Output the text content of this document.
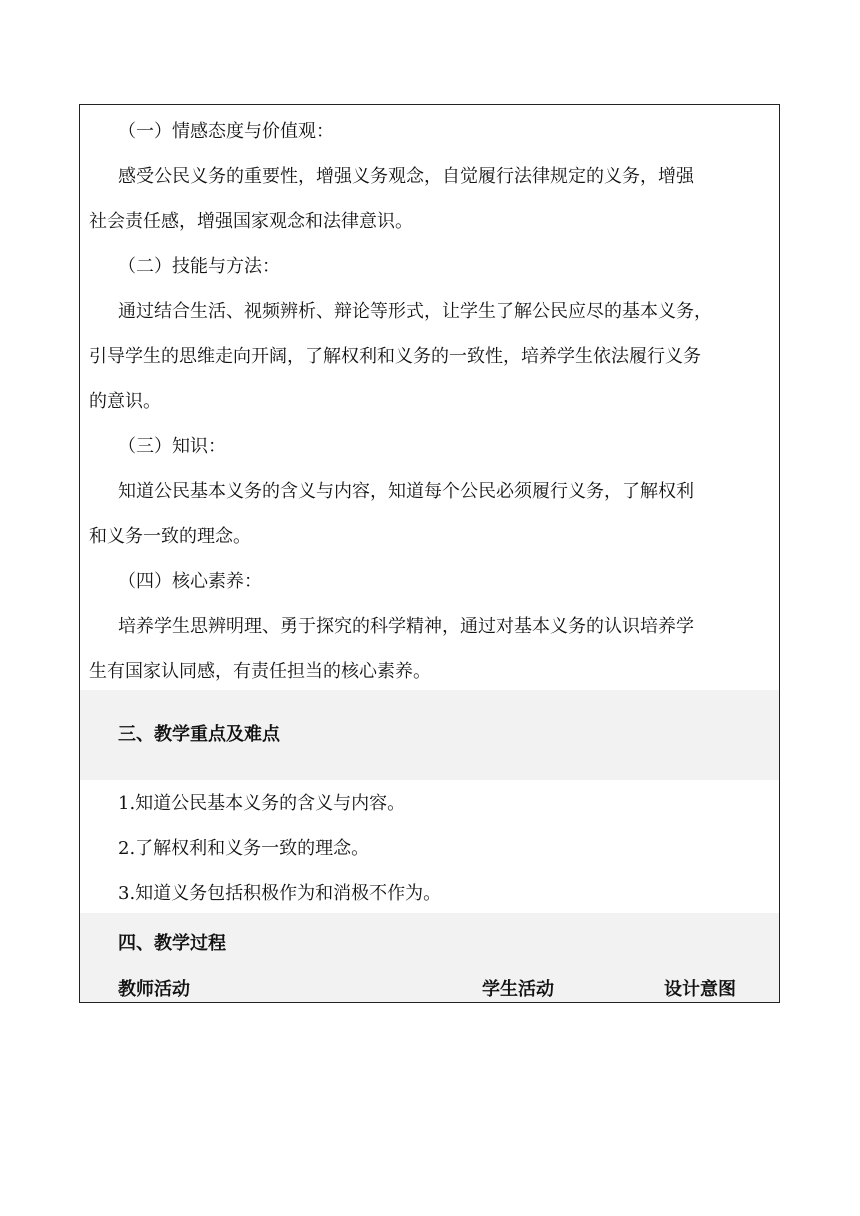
（一）情感态度与价值观：
感受公民义务的重要性，增强义务观念，自觉履行法律规定的义务，增强
社会责任感，增强国家观念和法律意识。
（二）技能与方法：
通过结合生活、视频辨析、辩论等形式，让学生了解公民应尽的基本义务，
引导学生的思维走向开阔，了解权利和义务的一致性，培养学生依法履行义务
的意识。
（三）知识：
知道公民基本义务的含义与内容，知道每个公民必须履行义务，了解权利
和义务一致的理念。
（四）核心素养：
培养学生思辨明理、勇于探究的科学精神，通过对基本义务的认识培养学
生有国家认同感，有责任担当的核心素养。
三、教学重点及难点
1.知道公民基本义务的含义与内容。
2.了解权利和义务一致的理念。
3.知道义务包括积极作为和消极不作为。
四、教学过程
教师活动	学生活动	设计意图
